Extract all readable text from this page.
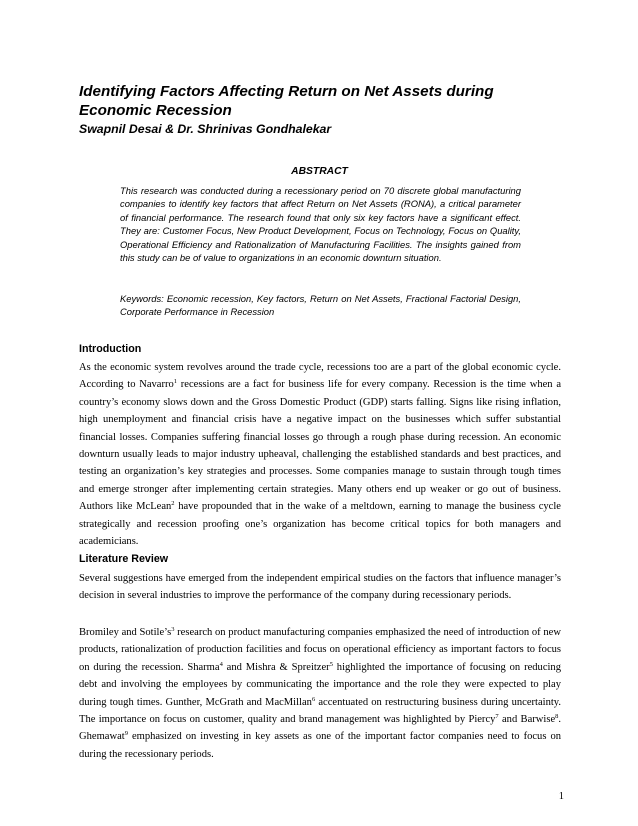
Identifying Factors Affecting Return on Net Assets during Economic Recession
Swapnil Desai & Dr. Shrinivas Gondhalekar
ABSTRACT
This research was conducted during a recessionary period on 70 discrete global manufacturing companies to identify key factors that affect Return on Net Assets (RONA), a critical parameter of financial performance. The research found that only six key factors have a significant effect. They are: Customer Focus, New Product Development, Focus on Technology, Focus on Quality, Operational Efficiency and Rationalization of Manufacturing Facilities. The insights gained from this study can be of value to organizations in an economic downturn situation.
Keywords: Economic recession, Key factors, Return on Net Assets, Fractional Factorial Design, Corporate Performance in Recession
Introduction

As the economic system revolves around the trade cycle, recessions too are a part of the global economic cycle. According to Navarro$^1$ recessions are a fact for business life for every company. Recession is the time when a country’s economy slows down and the Gross Domestic Product (GDP) starts falling. Signs like rising inflation, high unemployment and financial crisis have a negative impact on the businesses which suffer substantial financial losses. Companies suffering financial losses go through a rough phase during recession. An economic downturn usually leads to major industry upheaval, challenging the established standards and best practices, and testing an organization’s key strategies and processes. Some companies manage to sustain through tough times and emerge stronger after implementing certain strategies. Many others end up weaker or go out of business. Authors like McLean$^2$ have propounded that in the wake of a meltdown, earning to manage the business cycle strategically and recession proofing one’s organization has become critical topics for both managers and academicians.

Literature Review

Several suggestions have emerged from the independent empirical studies on the factors that influence manager’s decision in several industries to improve the performance of the company during recessionary periods.

Bromiley and $Sotile’s^3$ research on product manufacturing companies emphasized the need of introduction of new products, rationalization of production facilities and focus on operational efficiency as important factors to focus on during the recession. Sharma$^4$ and Mishra & Spreitzer$^5$ highlighted the importance of focusing on reducing debt and involving the employees by communicating the importance and the role they were expected to play during tough times. Gunther, McGrath and MacMillan$^6$ accentuated on restructuring business during uncertainty. The importance on focus on customer, quality and brand management was highlighted by Piercy$^7$ and Barwise$^8$. Ghemawat$^9$ emphasized on investing in key assets as one of the important factor companies need to focus on during the recessionary periods.

1
